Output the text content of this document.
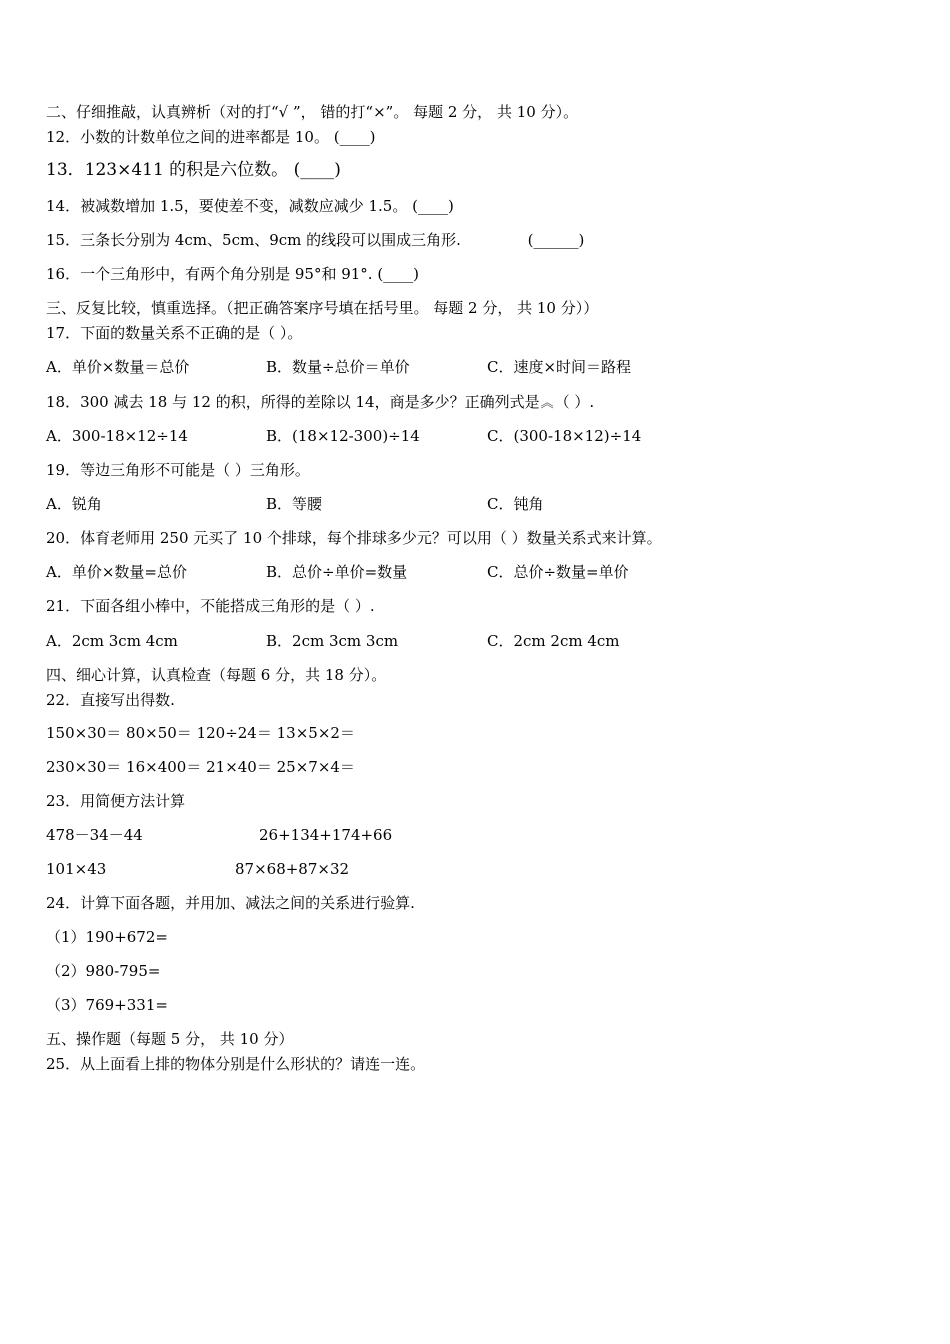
二、仔细推敲，认真辨析（对的打“√ ”， 错的打“×”。 每题 2 分， 共 10 分）。
12．小数的计数单位之间的进率都是 10。 (____)
13．123×411 的积是六位数。 (____)
14．被减数增加 1.5，要使差不变，减数应减少 1.5。 (____)
15．三条长分别为 4cm、5cm、9cm 的线段可以围成三角形.              (______)
16．一个三角形中，有两个角分别是 95°和 91°. (____)
三、反复比较，慎重选择。（把正确答案序号填在括号里。 每题 2 分， 共 10 分））
17．下面的数量关系不正确的是（ ）。
A．单价×数量＝总价	B．数量÷总价＝单价	C．速度×时间＝路程
18．300 减去 18 与 12 的积，所得的差除以 14，商是多少？正确列式是︽（ ）.
A．300-18×12÷14	B．(18×12-300)÷14	C．(300-18×12)÷14
19．等边三角形不可能是（ ）三角形。
A．锐角	B．等腰	C．钝角
20．体育老师用 250 元买了 10 个排球，每个排球多少元？可以用（ ）数量关系式来计算。
A．单价×数量=总价	B．总价÷单价=数量	C．总价÷数量=单价
21．下面各组小棒中，不能搭成三角形的是（ ）.
A．2cm 3cm 4cm	B．2cm 3cm 3cm	C．2cm 2cm 4cm
四、细心计算，认真检查（每题 6 分，共 18 分）。
22．直接写出得数.
150×30＝ 80×50＝ 120÷24＝ 13×5×2＝
230×30＝ 16×400＝ 21×40＝ 25×7×4＝
23．用简便方法计算
478－34－44	26+134+174+66
101×43	87×68+87×32
24．计算下面各题，并用加、减法之间的关系进行验算.
（1）190+672=
（2）980-795=
（3）769+331=
五、操作题（每题 5 分， 共 10 分）
25．从上面看上排的物体分别是什么形状的？请连一连。
